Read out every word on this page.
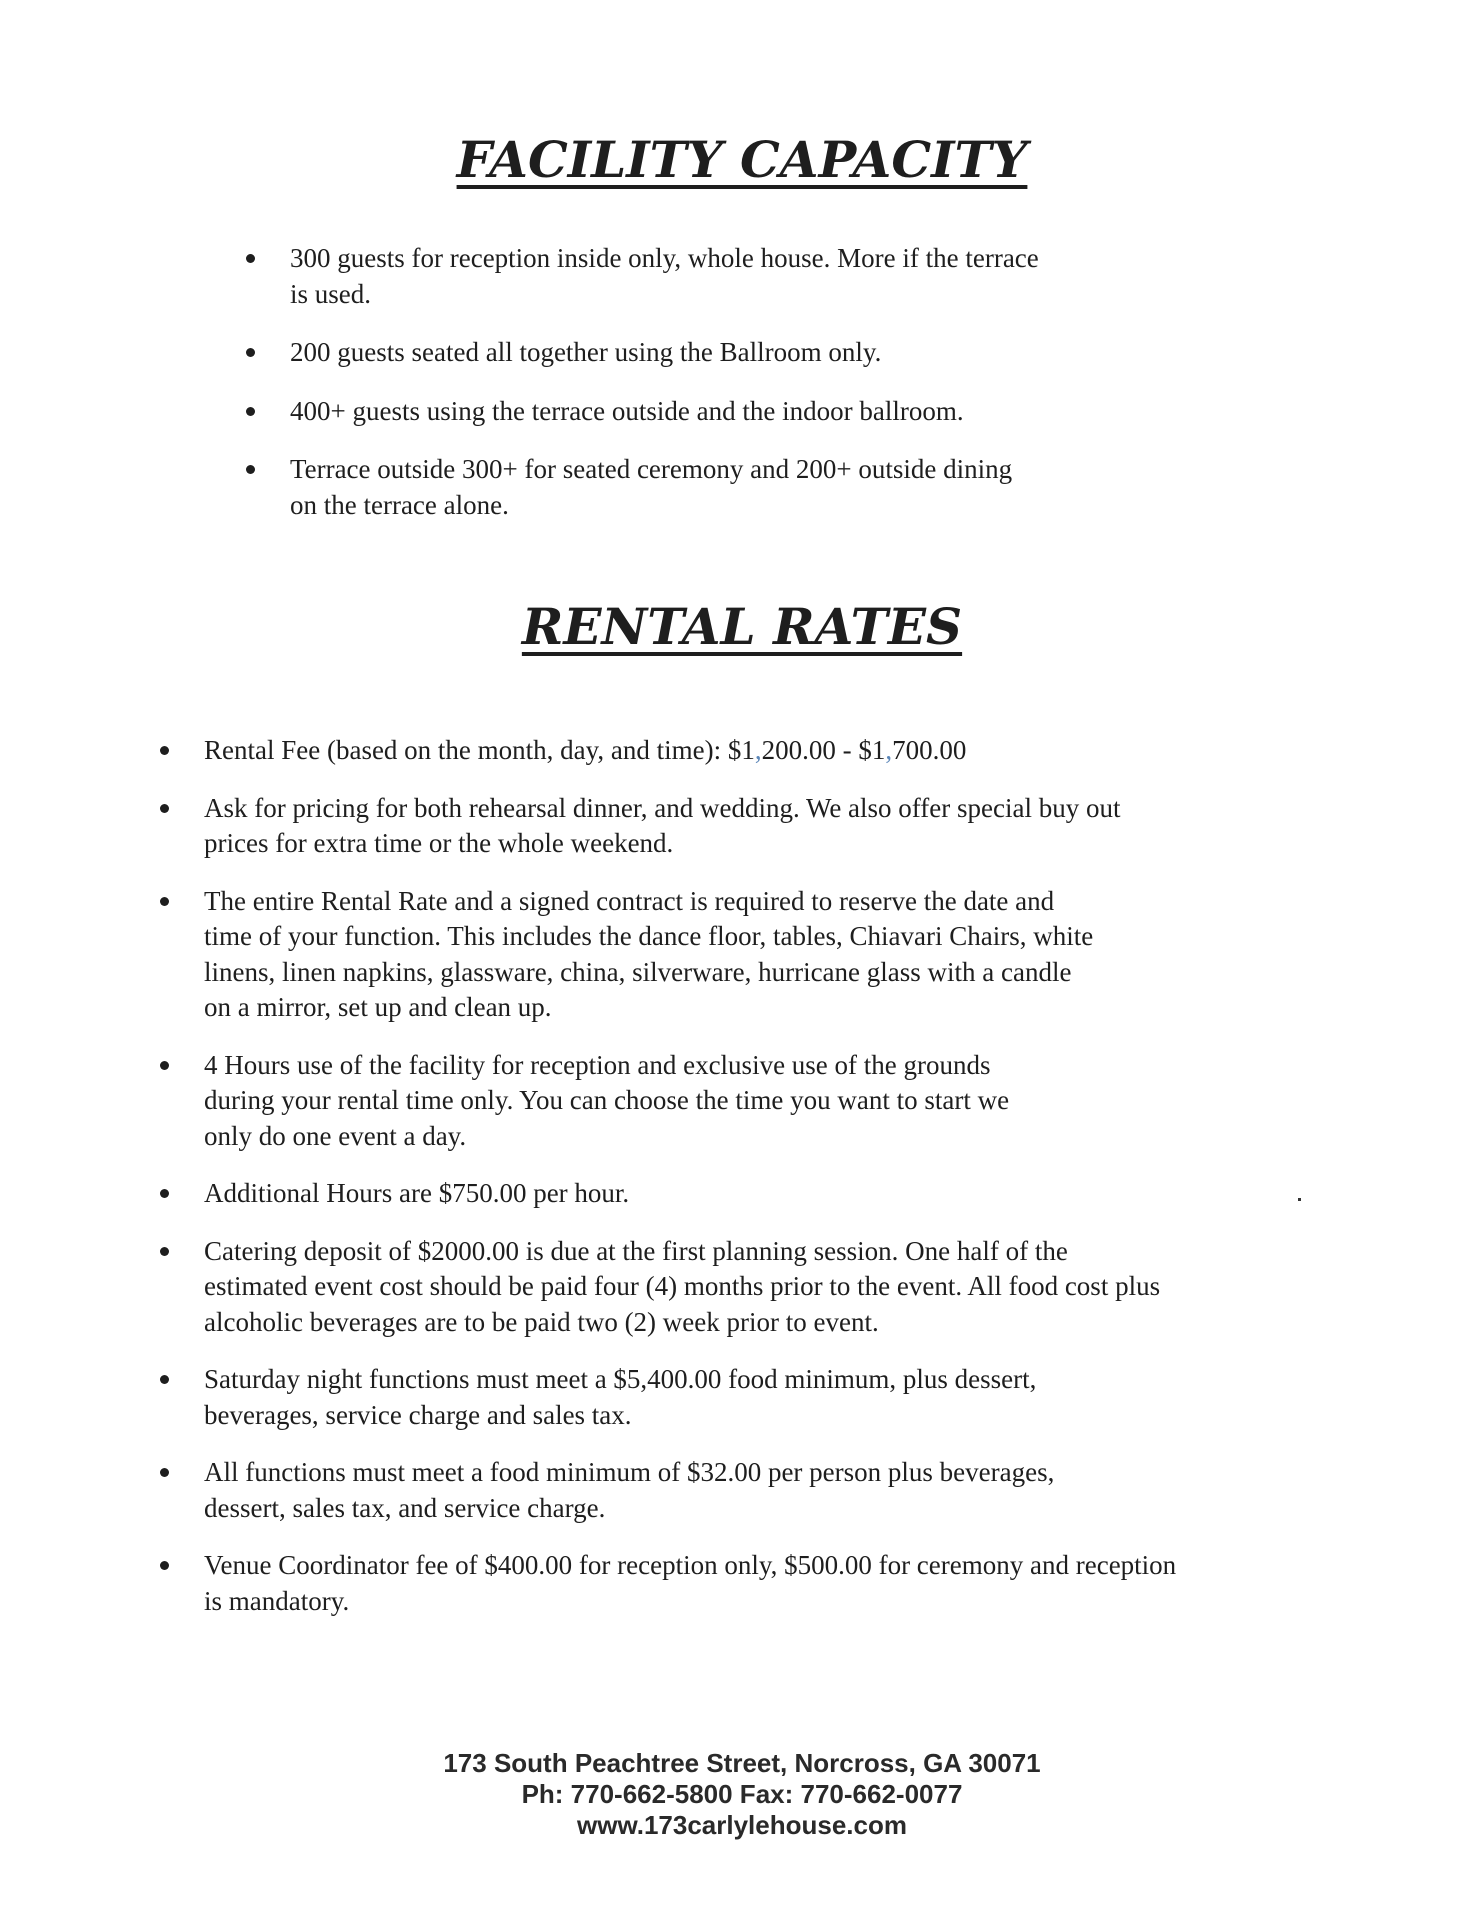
FACILITY CAPACITY
300 guests for reception inside only, whole house. More if the terrace
is used.
200 guests seated all together using the Ballroom only.
400+ guests using the terrace outside and the indoor ballroom.
Terrace outside 300+ for seated ceremony and 200+ outside dining
on the terrace alone.
RENTAL RATES
Rental Fee (based on the month, day, and time): $1,200.00 - $1,700.00
Ask for pricing for both rehearsal dinner, and wedding. We also offer special buy out
prices for extra time or the whole weekend.
The entire Rental Rate and a signed contract is required to reserve the date and
time of your function. This includes the dance floor, tables, Chiavari Chairs, white
linens, linen napkins, glassware, china, silverware, hurricane glass with a candle
on a mirror, set up and clean up.
4 Hours use of the facility for reception and exclusive use of the grounds
during your rental time only. You can choose the time you want to start we
only do one event a day.
Additional Hours are $750.00 per hour.
Catering deposit of $2000.00 is due at the first planning session. One half of the
estimated event cost should be paid four (4) months prior to the event. All food cost plus
alcoholic beverages are to be paid two (2) week prior to event.
Saturday night functions must meet a $5,400.00 food minimum, plus dessert,
beverages, service charge and sales tax.
All functions must meet a food minimum of $32.00 per person plus beverages,
dessert, sales tax, and service charge.
Venue Coordinator fee of $400.00 for reception only, $500.00 for ceremony and reception
is mandatory.
173 South Peachtree Street, Norcross, GA 30071
Ph: 770-662-5800 Fax: 770-662-0077
www.173carlylehouse.com
